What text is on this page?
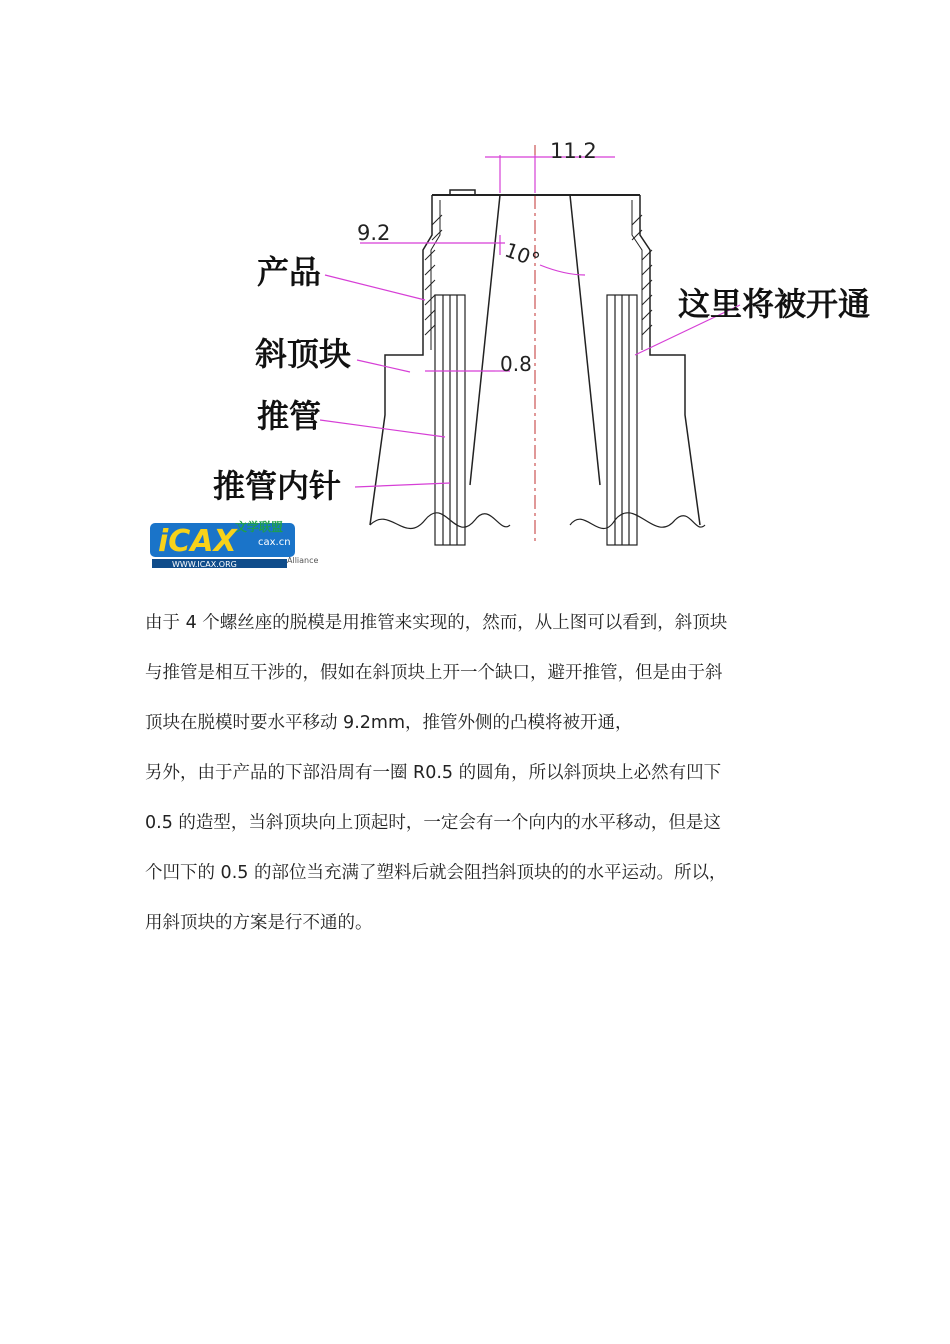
11.2
9.2
10°
0.8
产品
斜顶块
推管
推管内针
这里将被开通
iCAX
文学联盟
cax.cn
WWW.ICAX.ORG	Alliance

由于 4 个螺丝座的脱模是用推管来实现的，然而，从上图可以看到，斜顶块
与推管是相互干涉的，假如在斜顶块上开一个缺口，避开推管，但是由于斜
顶块在脱模时要水平移动 9.2mm，推管外侧的凸模将被开通，

另外，由于产品的下部沿周有一圈 R0.5 的圆角，所以斜顶块上必然有凹下
0.5 的造型，当斜顶块向上顶起时，一定会有一个向内的水平移动，但是这
个凹下的 0.5 的部位当充满了塑料后就会阻挡斜顶块的的水平运动。所以，
用斜顶块的方案是行不通的。
